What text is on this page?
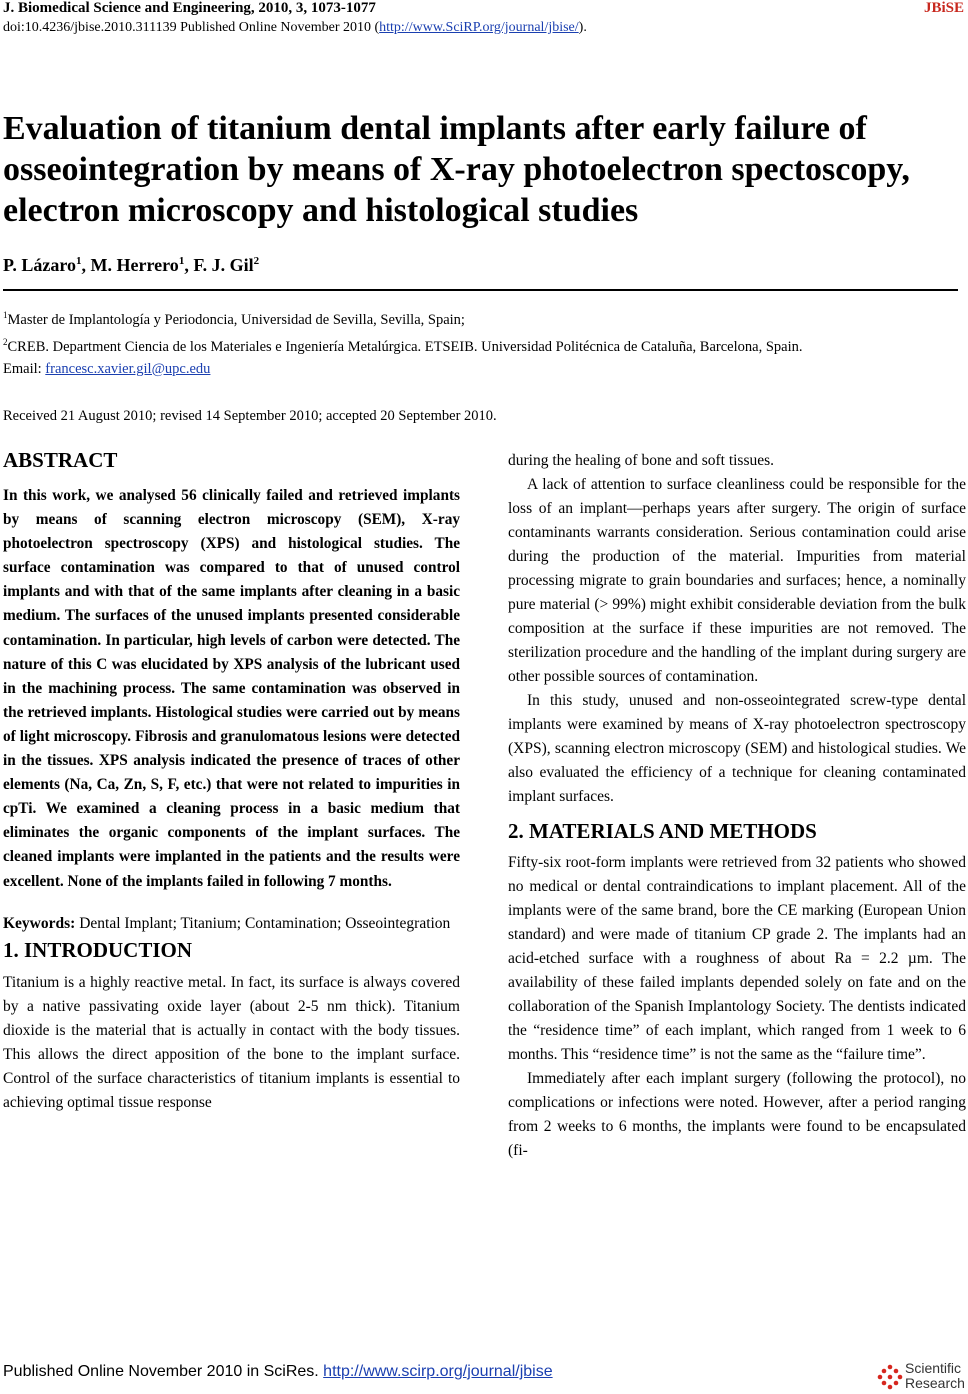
J. Biomedical Science and Engineering, 2010, 3, 1073-1077	JBiSE
doi:10.4236/jbise.2010.311139 Published Online November 2010 (http://www.SciRP.org/journal/jbise/).
Evaluation of titanium dental implants after early failure of osseointegration by means of X-ray photoelectron spectoscopy, electron microscopy and histological studies
P. Lázaro$^1$, M. Herrero$^1$, F. J. Gil$^2$

$^1$Master de Implantología y Periodoncia, Universidad de Sevilla, Sevilla, Spain;

$^2$CREB. Department Ciencia de los Materiales e Ingeniería Metalúrgica. ETSEIB. Universidad Politécnica de Cataluña, Barcelona, Spain.

Email: francesc.xavier.gil@upc.edu

Received 21 August 2010; revised 14 September 2010; accepted 20 September 2010.
ABSTRACT

In this work, we analysed 56 clinically failed and retrieved implants by means of scanning electron microscopy (SEM), X-ray photoelectron spectroscopy (XPS) and histological studies. The surface contamination was compared to that of unused control implants and with that of the same implants after cleaning in a basic medium. The surfaces of the unused implants presented considerable contamination. In particular, high levels of carbon were detected. The nature of this C was elucidated by XPS analysis of the lubricant used in the machining process. The same contamination was observed in the retrieved implants. Histological studies were carried out by means of light microscopy. Fibrosis and granulomatous lesions were detected in the tissues. XPS analysis indicated the presence of traces of other elements (Na, Ca, Zn, S, F, etc.) that were not related to impurities in cpTi. We examined a cleaning process in a basic medium that eliminates the organic components of the implant surfaces. The cleaned implants were implanted in the patients and the results were excellent. None of the implants failed in following 7 months.

Keywords: Dental Implant; Titanium; Contamination; Osseointegration

1. INTRODUCTION

Titanium is a highly reactive metal. In fact, its surface is always covered by a native passivating oxide layer (about 2-5 nm thick). Titanium dioxide is the material that is actually in contact with the body tissues. This allows the direct apposition of the bone to the implant surface. Control of the surface characteristics of titanium implants is essential to achieving optimal tissue response

during the healing of bone and soft tissues.

A lack of attention to surface cleanliness could be responsible for the loss of an implant—perhaps years after surgery. The origin of surface contaminants warrants consideration. Serious contamination could arise during the production of the material. Impurities from material processing migrate to grain boundaries and surfaces; hence, a nominally pure material (> 99%) might exhibit considerable deviation from the bulk composition at the surface if these impurities are not removed. The sterilization procedure and the handling of the implant during surgery are other possible sources of contamination.

In this study, unused and non-osseointegrated screw-type dental implants were examined by means of X-ray photoelectron spectroscopy (XPS), scanning electron microscopy (SEM) and histological studies. We also evaluated the efficiency of a technique for cleaning contaminated implant surfaces.

2. MATERIALS AND METHODS

Fifty-six root-form implants were retrieved from 32 patients who showed no medical or dental contraindications to implant placement. All of the implants were of the same brand, bore the CE marking (European Union standard) and were made of titanium CP grade 2. The implants had an acid-etched surface with a roughness of about Ra = 2.2 µm. The availability of these failed implants depended solely on fate and on the collaboration of the Spanish Implantology Society. The dentists indicated the “residence time” of each implant, which ranged from 1 week to 6 months. This “residence time” is not the same as the “failure time”.

Immediately after each implant surgery (following the protocol), no complications or infections were noted. However, after a period ranging from 2 weeks to 6 months, the implants were found to be encapsulated (fi-

Published Online November 2010 in SciRes. http://www.scirp.org/journal/jbise	Scientific
Research
